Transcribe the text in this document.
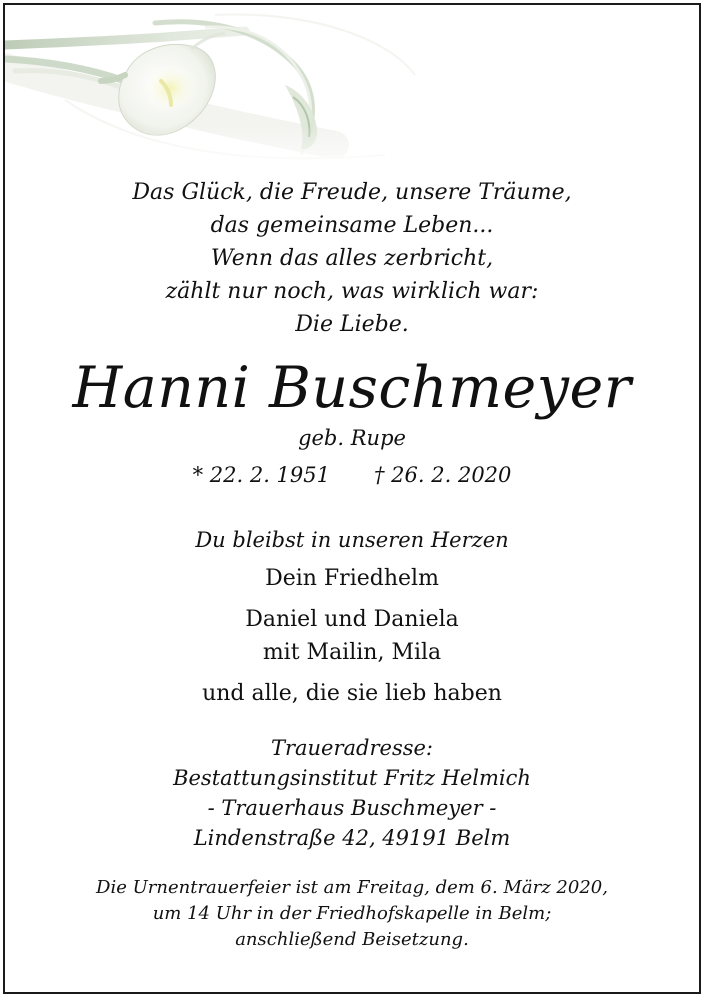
Das Glück, die Freude, unsere Träume,
das gemeinsame Leben...
Wenn das alles zerbricht,
zählt nur noch, was wirklich war:
Die Liebe.
Hanni Buschmeyer
geb. Rupe
* 22. 2. 1951 † 26. 2. 2020
Du bleibst in unseren Herzen
Dein Friedhelm
Daniel und Daniela
mit Mailin, Mila
und alle, die sie lieb haben
Traueradresse:
Bestattungsinstitut Fritz Helmich
- Trauerhaus Buschmeyer -
Lindenstraße 42, 49191 Belm
Die Urnentrauerfeier ist am Freitag, dem 6. März 2020,
um 14 Uhr in der Friedhofskapelle in Belm;
anschließend Beisetzung.
